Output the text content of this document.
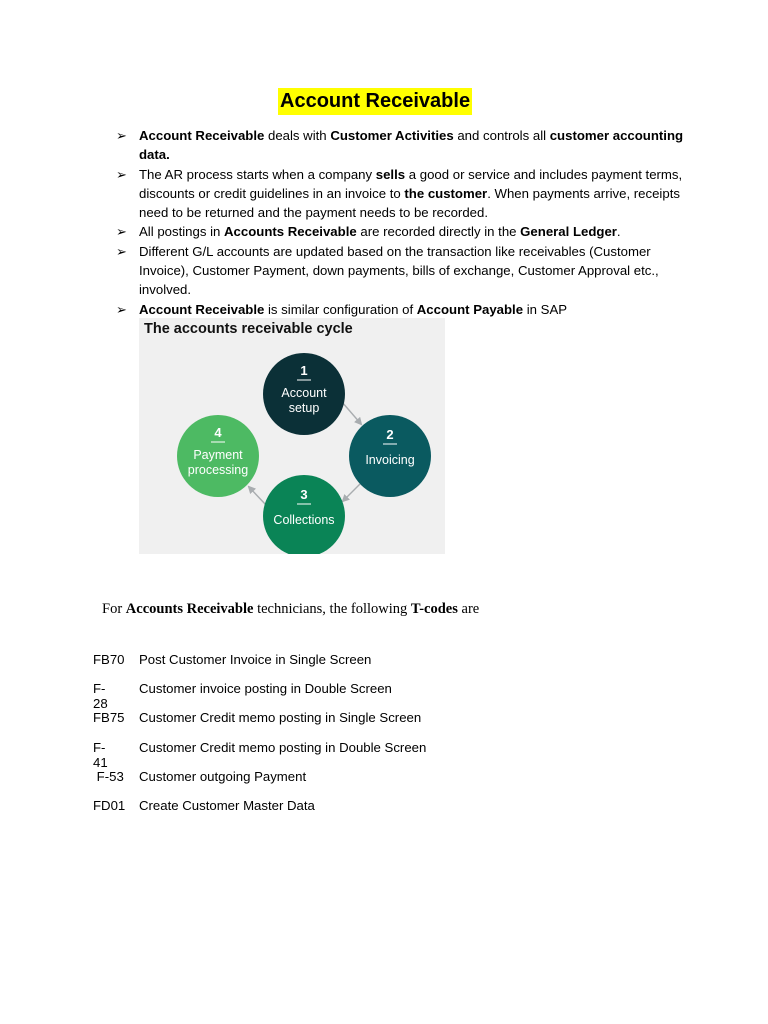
Account Receivable
➢ Account Receivable deals with Customer Activities and controls all customer accounting data.
➢ The AR process starts when a company sells a good or service and includes payment terms, discounts or credit guidelines in an invoice to the customer. When payments arrive, receipts need to be returned and the payment needs to be recorded.
➢ All postings in Accounts Receivable are recorded directly in the General Ledger.
➢ Different G/L accounts are updated based on the transaction like receivables (Customer Invoice), Customer Payment, down payments, bills of exchange, Customer Approval etc., involved.
➢ Account Receivable is similar configuration of Account Payable in SAP
1
Account
setup
2
Invoicing
3
Collections
4
Payment
processing
The accounts receivable cycle
For Accounts Receivable technicians, the following T-codes are
FB70 Post Customer Invoice in Single Screen
F-28
Customer invoice posting in Double Screen
FB75 Customer Credit memo posting in Single Screen
F-41
Customer Credit memo posting in Double Screen
F-53 Customer outgoing Payment
FD01 Create Customer Master Data
